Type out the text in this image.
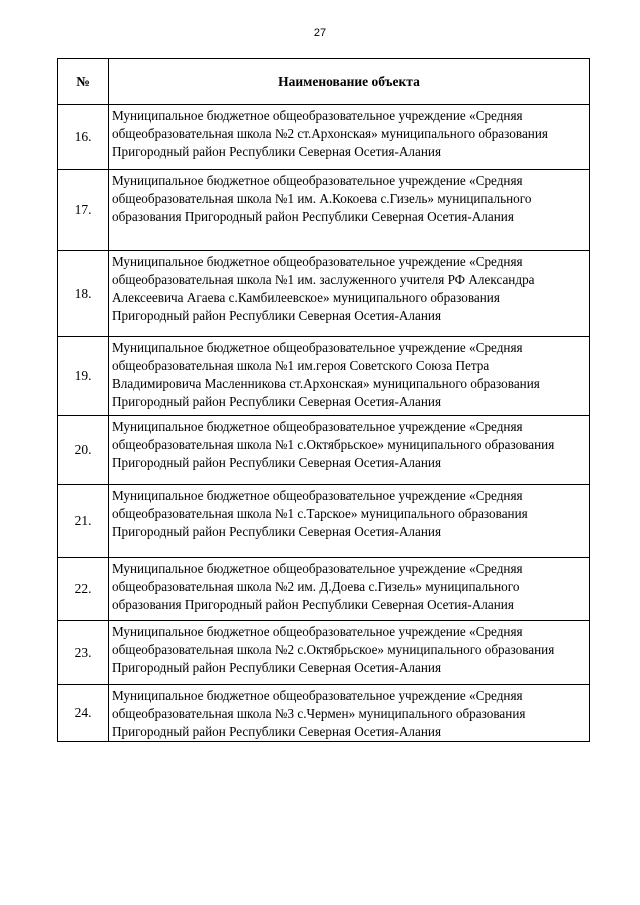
27
№	Наименование объекта
16.	Муниципальное бюджетное общеобразовательное учреждение «Средняя
общеобразовательная школа №2 ст.Архонская» муниципального образования
Пригородный район Республики Северная Осетия-Алания

17.	Муниципальное бюджетное общеобразовательное учреждение «Средняя
общеобразовательная школа №1 им. А.Кокоева с.Гизель» муниципального
образования Пригородный район Республики Северная Осетия-Алания

18.	Муниципальное бюджетное общеобразовательное учреждение «Средняя
общеобразовательная школа №1 им. заслуженного учителя РФ Александра
Алексеевича Агаева с.Камбилеевское» муниципального образования
Пригородный район Республики Северная Осетия-Алания

19.	Муниципальное бюджетное общеобразовательное учреждение «Средняя
общеобразовательная школа №1 им.героя Советского Союза Петра
Владимировича Масленникова ст.Архонская» муниципального образования
Пригородный район Республики Северная Осетия-Алания

20.	Муниципальное бюджетное общеобразовательное учреждение «Средняя
общеобразовательная школа №1 с.Октябрьское» муниципального образования
Пригородный район Республики Северная Осетия-Алания

21.	Муниципальное бюджетное общеобразовательное учреждение «Средняя
общеобразовательная школа №1 с.Тарское» муниципального образования
Пригородный район Республики Северная Осетия-Алания

22.	Муниципальное бюджетное общеобразовательное учреждение «Средняя
общеобразовательная школа №2 им. Д.Доева с.Гизель» муниципального
образования Пригородный район Республики Северная Осетия-Алания

23.	Муниципальное бюджетное общеобразовательное учреждение «Средняя
общеобразовательная школа №2 с.Октябрьское» муниципального образования
Пригородный район Республики Северная Осетия-Алания

24.	Муниципальное бюджетное общеобразовательное учреждение «Средняя
общеобразовательная школа №3 с.Чермен» муниципального образования
Пригородный район Республики Северная Осетия-Алания
